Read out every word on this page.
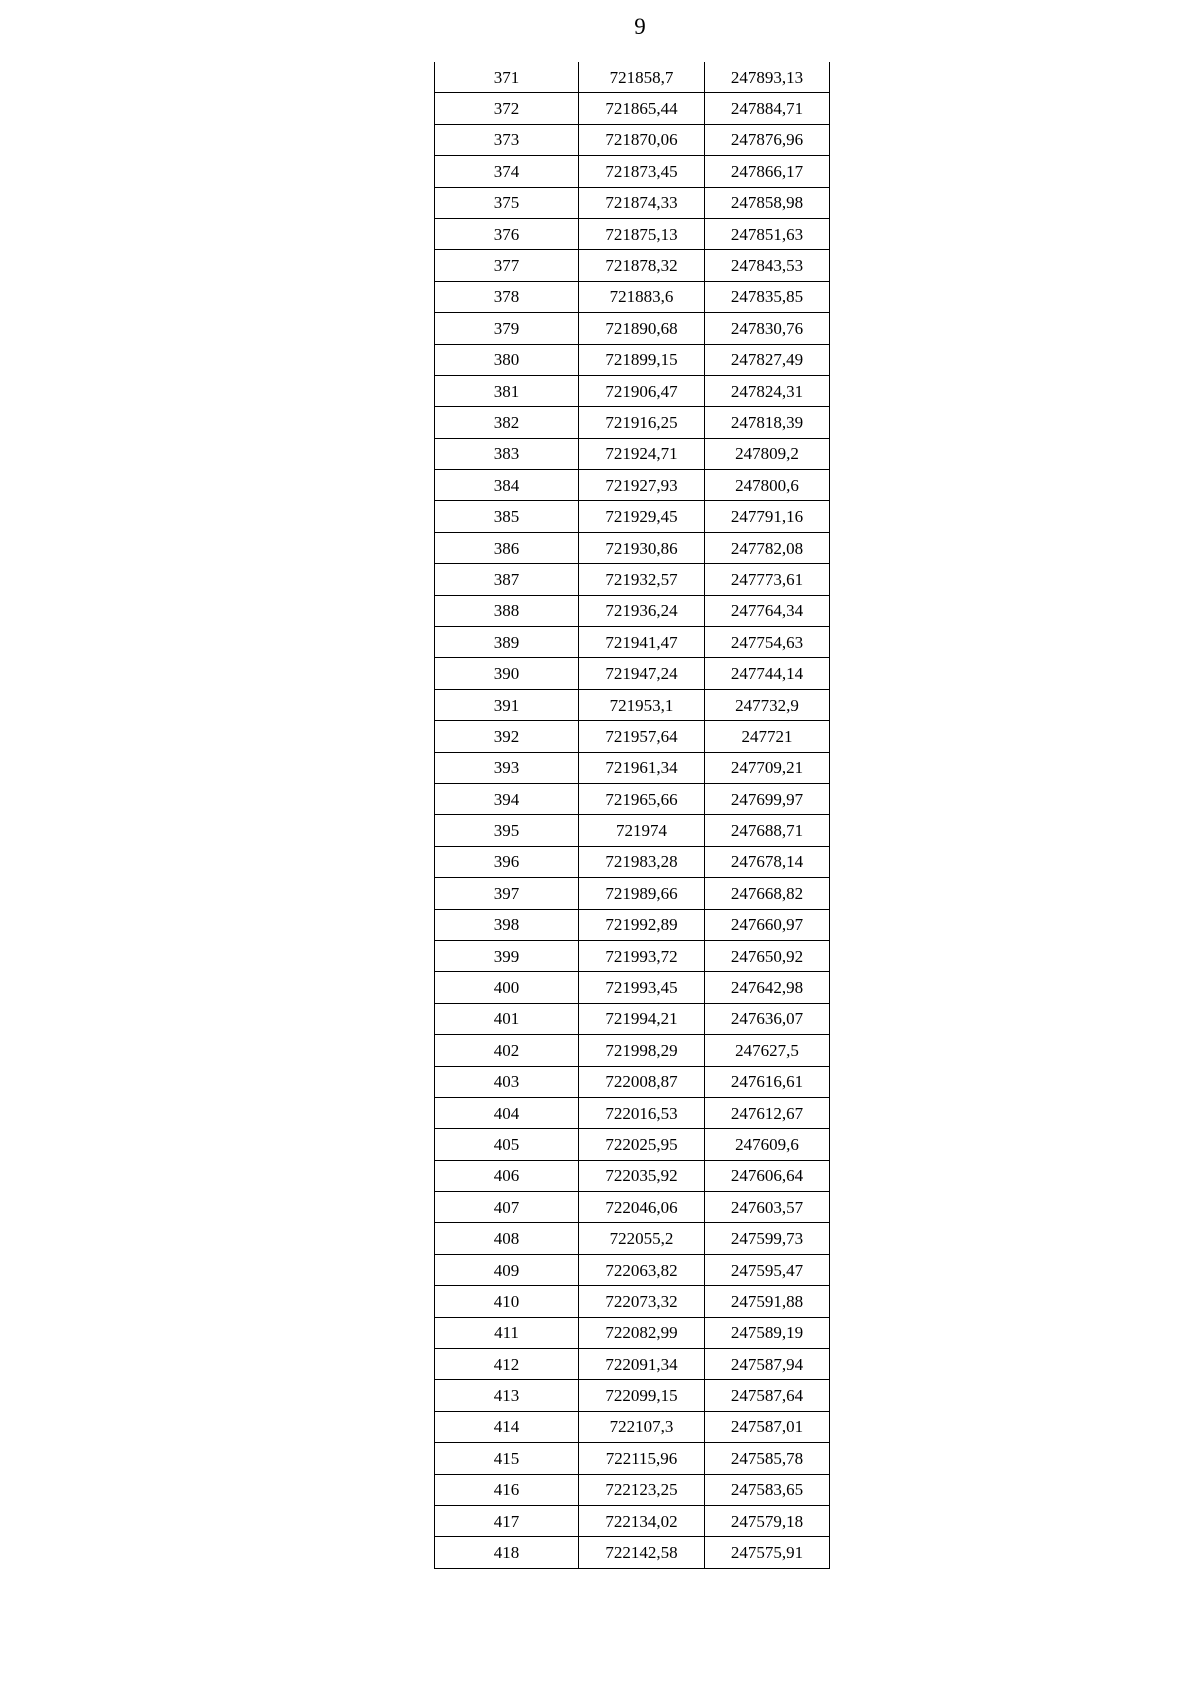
9
371	721858,7	247893,13
372	721865,44	247884,71
373	721870,06	247876,96
374	721873,45	247866,17
375	721874,33	247858,98
376	721875,13	247851,63
377	721878,32	247843,53
378	721883,6	247835,85
379	721890,68	247830,76
380	721899,15	247827,49
381	721906,47	247824,31
382	721916,25	247818,39
383	721924,71	247809,2
384	721927,93	247800,6
385	721929,45	247791,16
386	721930,86	247782,08
387	721932,57	247773,61
388	721936,24	247764,34
389	721941,47	247754,63
390	721947,24	247744,14
391	721953,1	247732,9
392	721957,64	247721
393	721961,34	247709,21
394	721965,66	247699,97
395	721974	247688,71
396	721983,28	247678,14
397	721989,66	247668,82
398	721992,89	247660,97
399	721993,72	247650,92
400	721993,45	247642,98
401	721994,21	247636,07
402	721998,29	247627,5
403	722008,87	247616,61
404	722016,53	247612,67
405	722025,95	247609,6
406	722035,92	247606,64
407	722046,06	247603,57
408	722055,2	247599,73
409	722063,82	247595,47
410	722073,32	247591,88
411	722082,99	247589,19
412	722091,34	247587,94
413	722099,15	247587,64
414	722107,3	247587,01
415	722115,96	247585,78
416	722123,25	247583,65
417	722134,02	247579,18
418	722142,58	247575,91
